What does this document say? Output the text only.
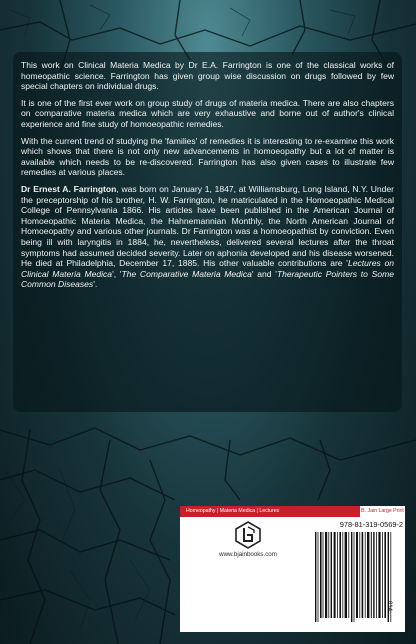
This work on Clinical Materia Medica by Dr E.A. Farrington is one of the classical works of homeopathic science. Farrington has given group wise discussion on drugs followed by few special chapters on individual drugs.

It is one of the first ever work on group study of drugs of materia medica. There are also chapters on comparative materia medica which are very exhaustive and borne out of author's clinical experience and fine study of homoeopathic remedies.

With the current trend of studying the 'families' of remedies it is interesting to re-examine this work which shows that there is not only new advancements in homoeopathy but a lot of matter is available which needs to be re-discovered. Farrington has also given cases to illustrate few remedies at various places.

Dr Ernest A. Farrington, was born on January 1, 1847, at Williamsburg, Long Island, N.Y. Under the preceptorship of his brother, H. W. Farrington, he matriculated in the Homoeopathic Medical College of Pennsylvania 1866. His articles have been published in the American Journal of Homoeopathic Materia Medica, the Hahnemannian Monthly, the North American Journal of Homoeopathy and various other journals. Dr Farrington was a homoeopathist by conviction. Even being ill with laryngitis in 1884, he, nevertheless, delivered several lectures after the throat symptoms had assumed decided severity. Later on aphonia developed and his disease worsened. He died at Philadelphia, December 17, 1885. His other valuable contributions are 'Lectures on Clinical Materia Medica', 'The Comparative Materia Medica' and 'Therapeutic Pointers to Some Common Diseases'.

Homeopathy | Materia Medica | Lectures	B. Jain Large Print
www.bjainbooks.com
978-81-319-0569-2
014
